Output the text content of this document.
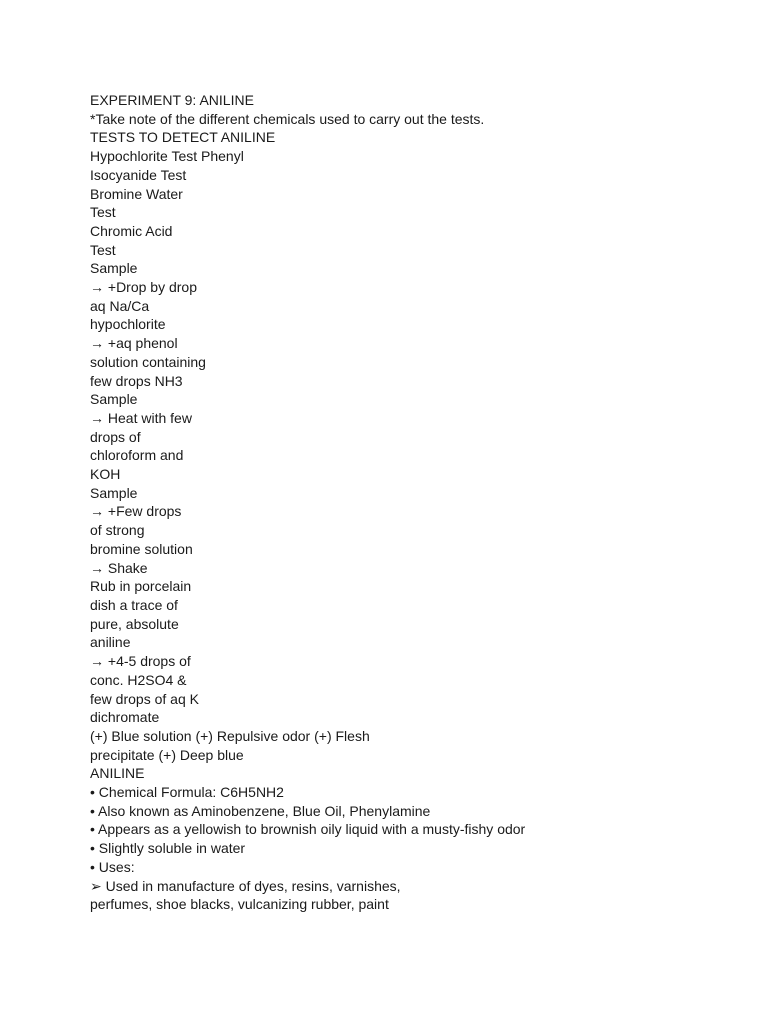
EXPERIMENT 9: ANILINE

*Take note of the different chemicals used to carry out the tests.

TESTS TO DETECT ANILINE

Hypochlorite Test Phenyl

Isocyanide Test

Bromine Water

Test

Chromic Acid

Test

Sample

→ +Drop by drop

aq Na/Ca

hypochlorite

→ +aq phenol

solution containing

few drops NH3

Sample

→ Heat with few

drops of

chloroform and

KOH

Sample

→ +Few drops

of strong

bromine solution

→ Shake

Rub in porcelain

dish a trace of

pure, absolute

aniline

→ +4-5 drops of

conc. H2SO4 &

few drops of aq K

dichromate

(+) Blue solution (+) Repulsive odor (+) Flesh

precipitate (+) Deep blue

ANILINE

• Chemical Formula: C6H5NH2

• Also known as Aminobenzene, Blue Oil, Phenylamine

• Appears as a yellowish to brownish oily liquid with a musty-fishy odor

• Slightly soluble in water

• Uses:

➢ Used in manufacture of dyes, resins, varnishes,

perfumes, shoe blacks, vulcanizing rubber, paint
